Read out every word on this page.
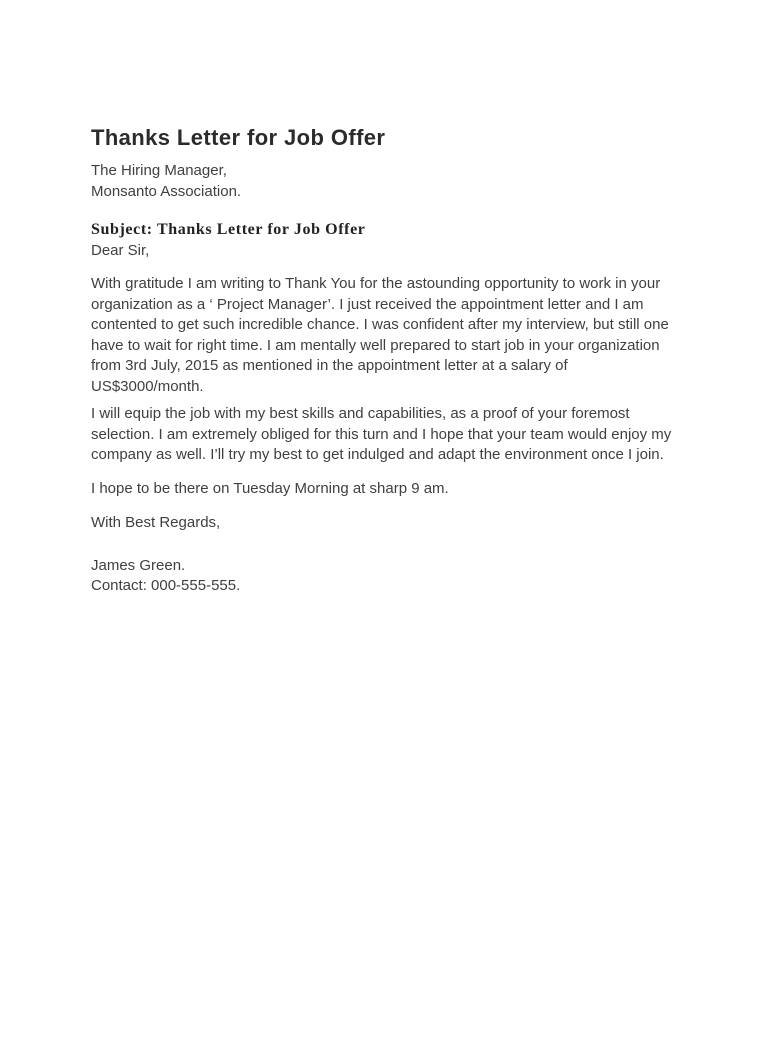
Thanks Letter for Job Offer

The Hiring Manager,

Monsanto Association.

Subject: Thanks Letter for Job Offer

Dear Sir,

With gratitude I am writing to Thank You for the astounding opportunity to work in your organization as a ‘ Project Manager’. I just received the appointment letter and I am contented to get such incredible chance. I was confident after my interview, but still one have to wait for right time. I am mentally well prepared to start job in your organization from 3rd July, 2015 as mentioned in the appointment letter at a salary of US$3000/month.

I will equip the job with my best skills and capabilities, as a proof of your foremost selection. I am extremely obliged for this turn and I hope that your team would enjoy my company as well. I’ll try my best to get indulged and adapt the environment once I join.

I hope to be there on Tuesday Morning at sharp 9 am.

With Best Regards,

James Green.

Contact: 000-555-555.
